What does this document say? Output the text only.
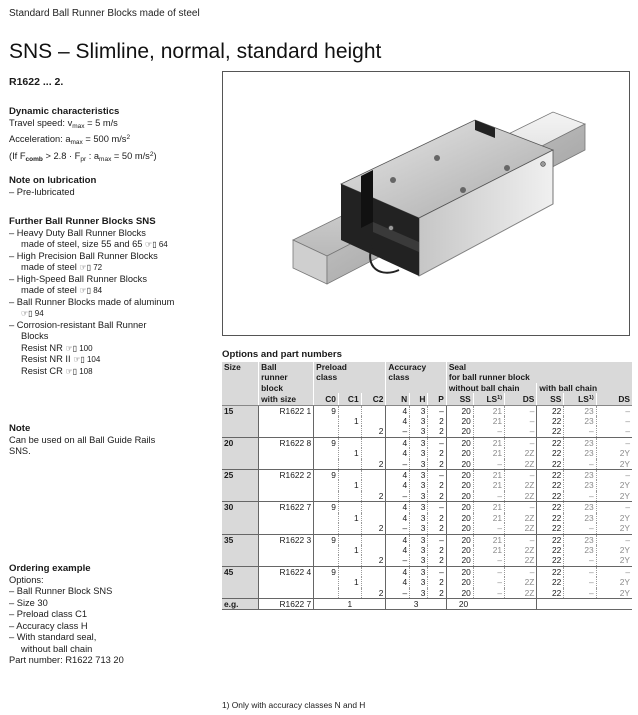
Standard Ball Runner Blocks made of steel
SNS – Slimline, normal, standard height
R1622 ... 2.
Dynamic characteristics
Travel speed: $v_{max} = 5$ m/s
Acceleration: $a_{max} = 500$ $m/s^2$
(If $F_{comb} > 2.8 \cdot F_{pr}$ : $a_{max} = 50$ $m/s^2$)
Note on lubrication
– Pre-lubricated
Further Ball Runner Blocks SNS
– Heavy Duty Ball Runner Blocks
made of steel, size 55 and 65 ☞▯ 64
– High Precision Ball Runner Blocks
made of steel ☞▯ 72
– High-Speed Ball Runner Blocks
made of steel ☞▯ 84
– Ball Runner Blocks made of aluminum
☞▯ 94
– Corrosion-resistant Ball Runner
Blocks
Resist NR ☞▯ 100
Resist NR II ☞▯ 104
Resist CR ☞▯ 108
Note
Can be used on all Ball Guide Rails
SNS.
Ordering example
Options:
– Ball Runner Block SNS
– Size 30
– Preload class C1
– Accuracy class H
– With standard seal,
without ball chain
Part number: R1622 713 20
Options and part numbers
Size	Ball	Preload			Accuracy			Seal					
	runner	class			class			for ball runner block					
	block							without ball chain			with ball chain		
	with size	C0	C1	C2	N	H	P	SS	LS$^{1)}$	DS	SS	LS$^{1)}$	DS
15	R1622 1	9			4	3	–	20	21	–	22	23	–
			1		4	3	2	20	21	–	22	23	–
				2	–	3	2	20	–	–	22	–	–
20	R1622 8	9			4	3	–	20	21	–	22	23	–
			1		4	3	2	20	21	2Z	22	23	2Y
				2	–	3	2	20	–	2Z	22	–	2Y
25	R1622 2	9			4	3	–	20	21	–	22	23	–
			1		4	3	2	20	21	2Z	22	23	2Y
				2	–	3	2	20	–	2Z	22	–	2Y
30	R1622 7	9			4	3	–	20	21	–	22	23	–
			1		4	3	2	20	21	2Z	22	23	2Y
				2	–	3	2	20	–	2Z	22	–	2Y
35	R1622 3	9			4	3	–	20	21	–	22	23	–
			1		4	3	2	20	21	2Z	22	23	2Y
				2	–	3	2	20	–	2Z	22	–	2Y
45	R1622 4	9			4	3	–	20	–	–	22	–	–
			1		4	3	2	20	–	2Z	22	–	2Y
				2	–	3	2	20	–	2Z	22	–	2Y
e.g.	R1622 7	1			3			20					
1) Only with accuracy classes N and H
